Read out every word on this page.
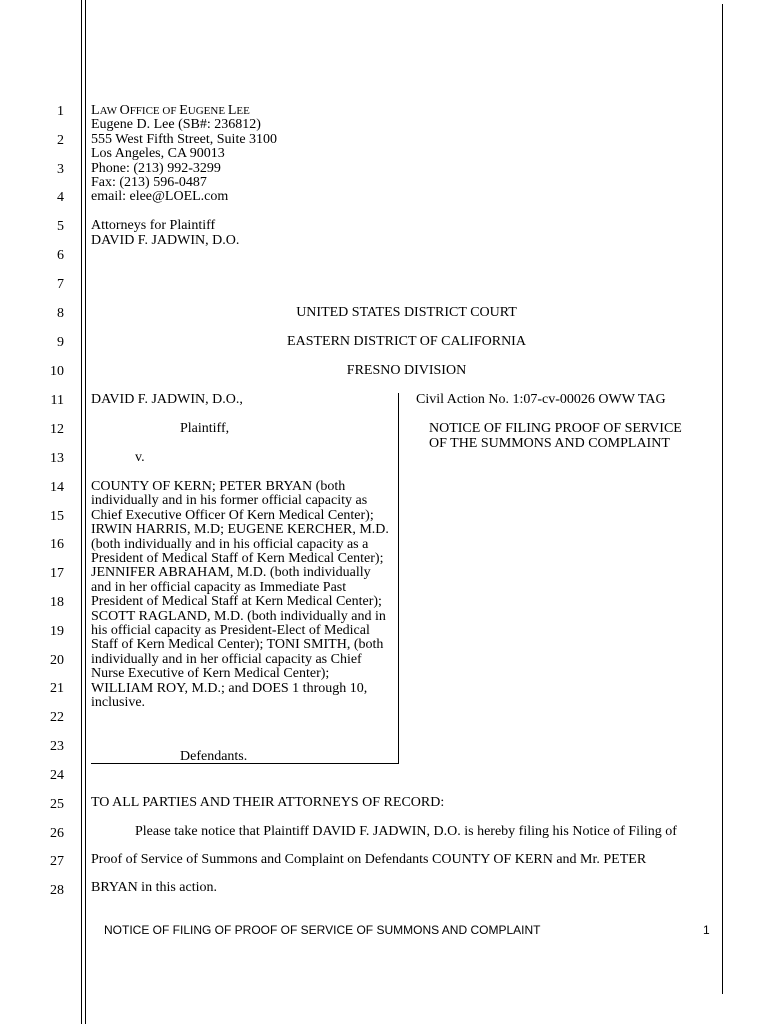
1
2
3
4
5
6
7
8
9
10
11
12
13
14
15
16
17
18
19
20
21
22
23
24
25
26
27
28
LAW OFFICE OF EUGENE LEE
Eugene D. Lee (SB#: 236812)
555 West Fifth Street, Suite 3100
Los Angeles, CA 90013
Phone: (213) 992-3299
Fax: (213) 596-0487
email: elee@LOEL.com
Attorneys for Plaintiff
DAVID F. JADWIN, D.O.
UNITED STATES DISTRICT COURT
EASTERN DISTRICT OF CALIFORNIA
FRESNO DIVISION
DAVID F. JADWIN, D.O.,
Plaintiff,
v.
COUNTY OF KERN; PETER BRYAN (both individually and in his former official capacity as Chief Executive Officer Of Kern Medical Center); IRWIN HARRIS, M.D; EUGENE KERCHER, M.D. (both individually and in his official capacity as a President of Medical Staff of Kern Medical Center); JENNIFER ABRAHAM, M.D. (both individually and in her official capacity as Immediate Past President of Medical Staff at Kern Medical Center); SCOTT RAGLAND, M.D. (both individually and in his official capacity as President-Elect of Medical Staff of Kern Medical Center); TONI SMITH, (both individually and in her official capacity as Chief Nurse Executive of Kern Medical Center); WILLIAM ROY, M.D.; and DOES 1 through 10, inclusive.
Defendants.
Civil Action No. 1:07-cv-00026 OWW TAG
NOTICE OF FILING PROOF OF SERVICE
OF THE SUMMONS AND COMPLAINT
TO ALL PARTIES AND THEIR ATTORNEYS OF RECORD:
Please take notice that Plaintiff DAVID F. JADWIN, D.O. is hereby filing his Notice of Filing of
Proof of Service of Summons and Complaint on Defendants COUNTY OF KERN and Mr. PETER
BRYAN in this action.
NOTICE OF FILING OF PROOF OF SERVICE OF SUMMONS AND COMPLAINT	1
